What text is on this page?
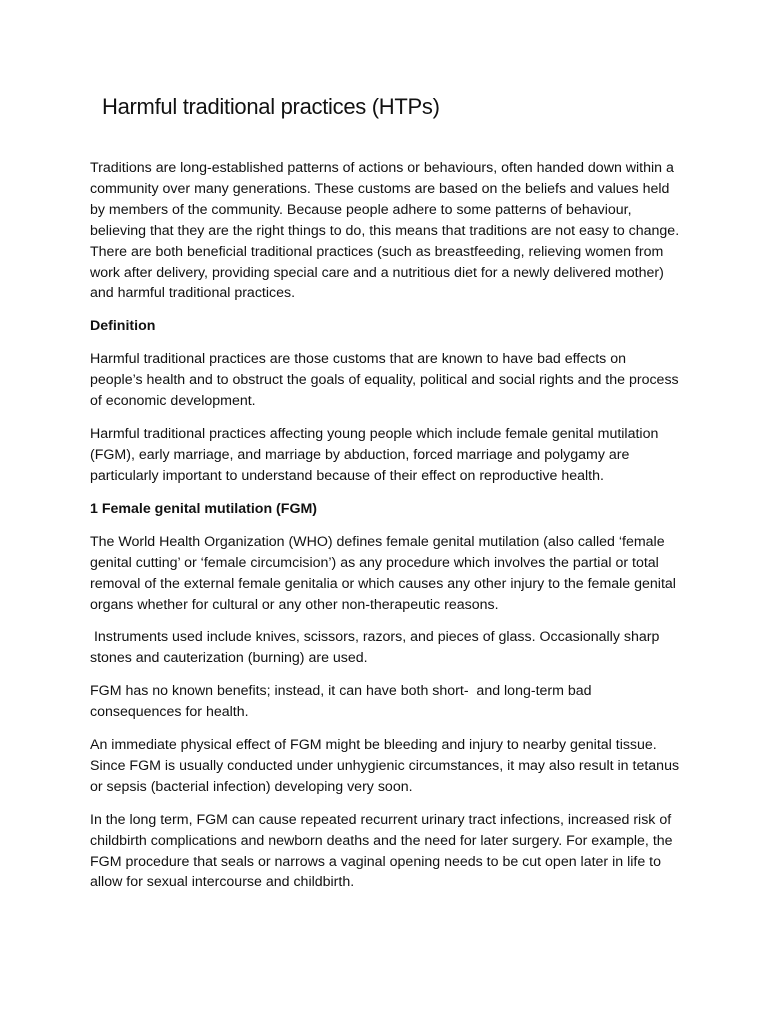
Harmful traditional practices (HTPs)

Traditions are long-established patterns of actions or behaviours, often handed down within a community over many generations. These customs are based on the beliefs and values held by members of the community. Because people adhere to some patterns of behaviour, believing that they are the right things to do, this means that traditions are not easy to change. There are both beneficial traditional practices (such as breastfeeding, relieving women from work after delivery, providing special care and a nutritious diet for a newly delivered mother) and harmful traditional practices.

Definition

Harmful traditional practices are those customs that are known to have bad effects on people’s health and to obstruct the goals of equality, political and social rights and the process of economic development.

Harmful traditional practices affecting young people which include female genital mutilation (FGM), early marriage, and marriage by abduction, forced marriage and polygamy are particularly important to understand because of their effect on reproductive health.

1 Female genital mutilation (FGM)

The World Health Organization (WHO) defines female genital mutilation (also called ‘female genital cutting’ or ‘female circumcision’) as any procedure which involves the partial or total removal of the external female genitalia or which causes any other injury to the female genital organs whether for cultural or any other non-therapeutic reasons.

Instruments used include knives, scissors, razors, and pieces of glass. Occasionally sharp stones and cauterization (burning) are used.

FGM has no known benefits; instead, it can have both short-  and long-term bad consequences for health.

An immediate physical effect of FGM might be bleeding and injury to nearby genital tissue. Since FGM is usually conducted under unhygienic circumstances, it may also result in tetanus or sepsis (bacterial infection) developing very soon.

In the long term, FGM can cause repeated recurrent urinary tract infections, increased risk of childbirth complications and newborn deaths and the need for later surgery. For example, the FGM procedure that seals or narrows a vaginal opening needs to be cut open later in life to allow for sexual intercourse and childbirth.
